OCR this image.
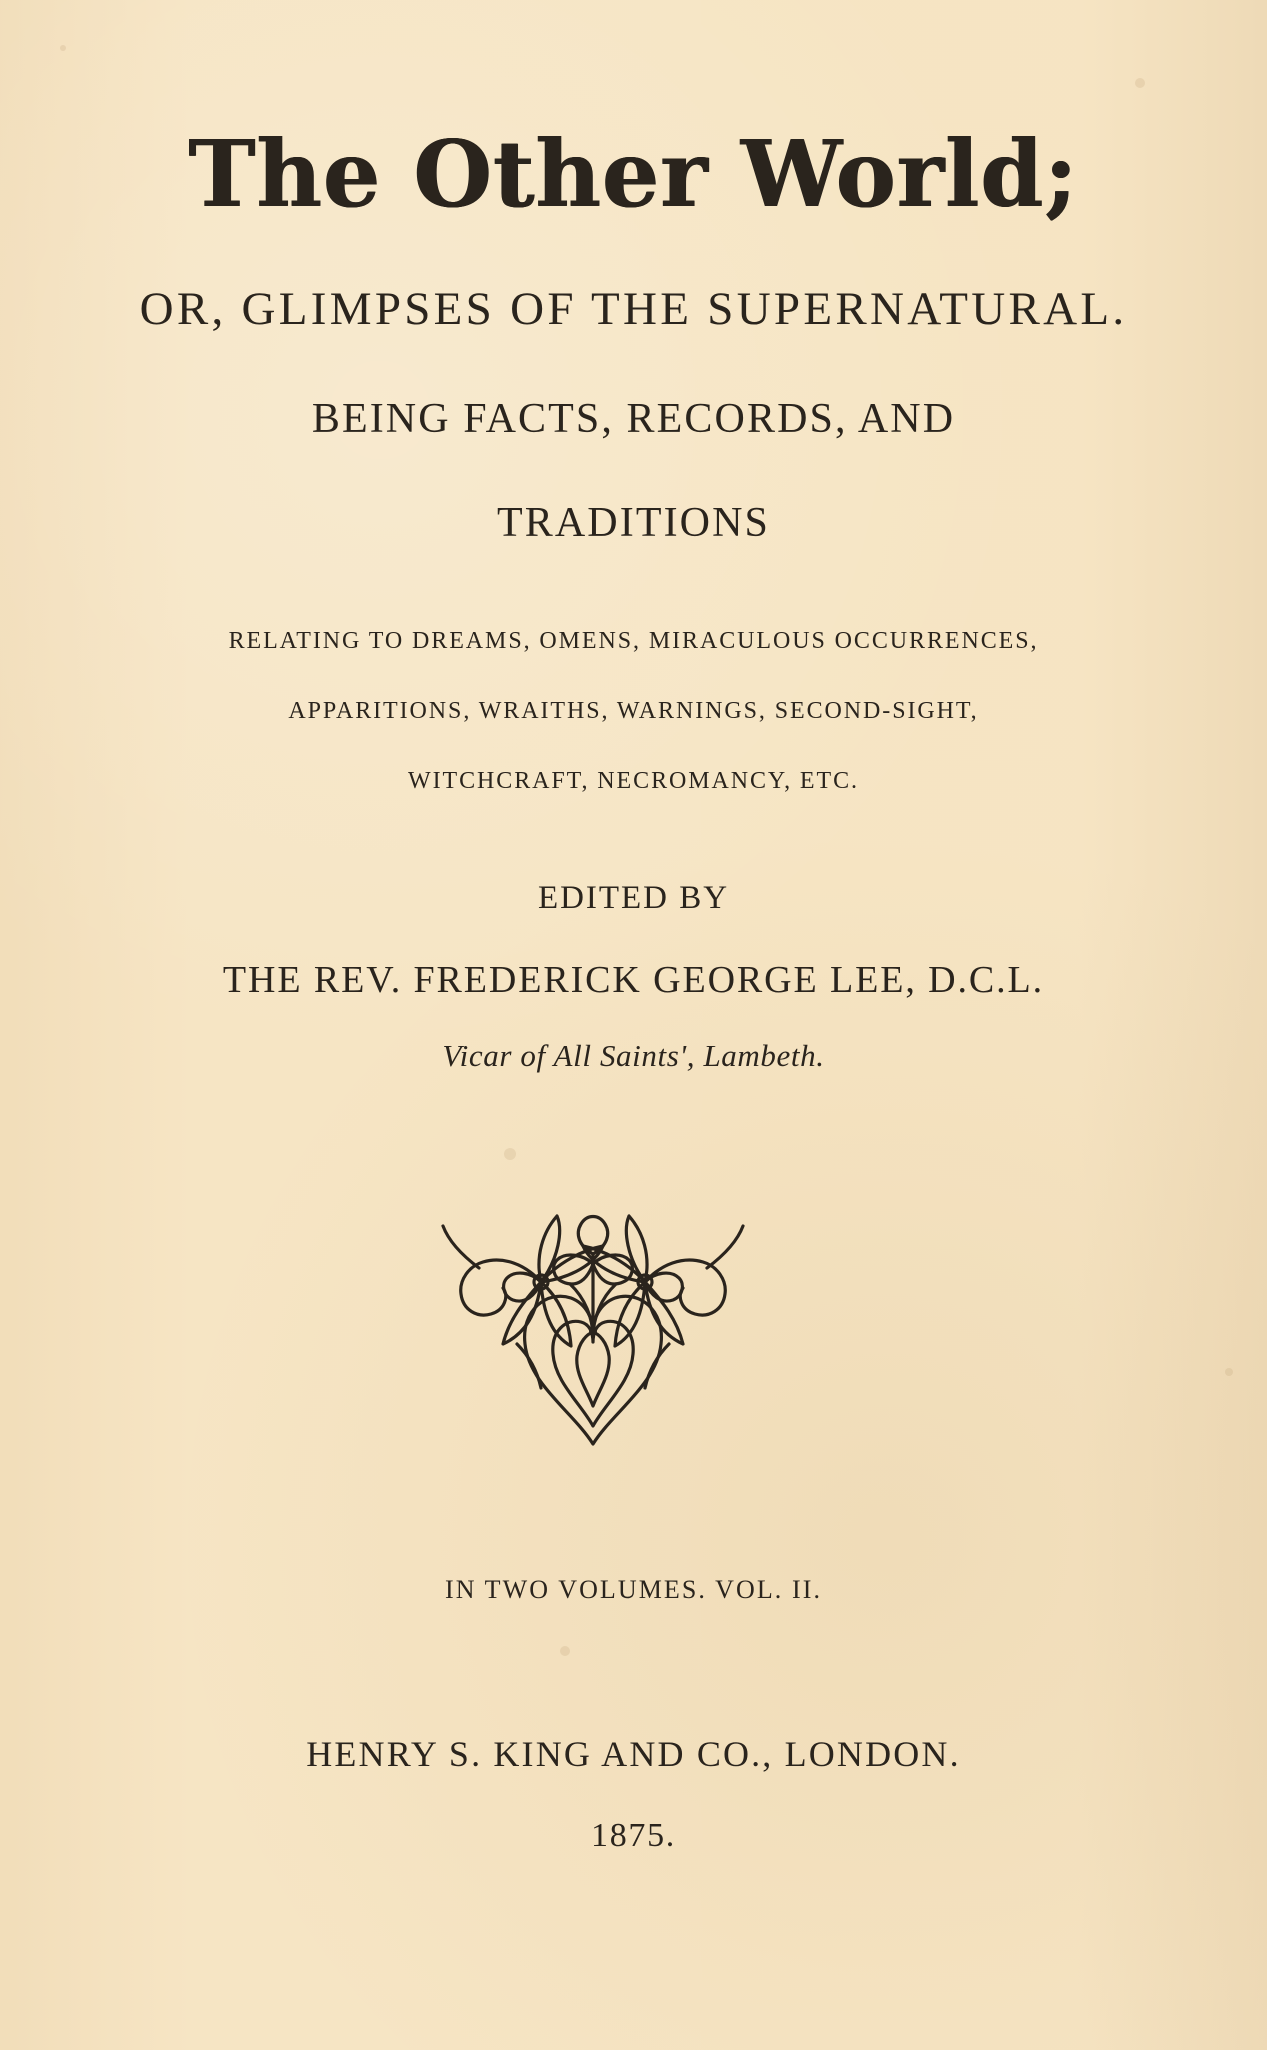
The Other World;
OR, GLIMPSES OF THE SUPERNATURAL.
BEING FACTS, RECORDS, AND
TRADITIONS
RELATING TO DREAMS, OMENS, MIRACULOUS OCCURRENCES,
APPARITIONS, WRAITHS, WARNINGS, SECOND-SIGHT,
WITCHCRAFT, NECROMANCY, ETC.
EDITED BY
THE REV. FREDERICK GEORGE LEE, D.C.L.
Vicar of All Saints', Lambeth.
IN TWO VOLUMES. VOL. II.
HENRY S. KING AND CO., LONDON.
1875.
